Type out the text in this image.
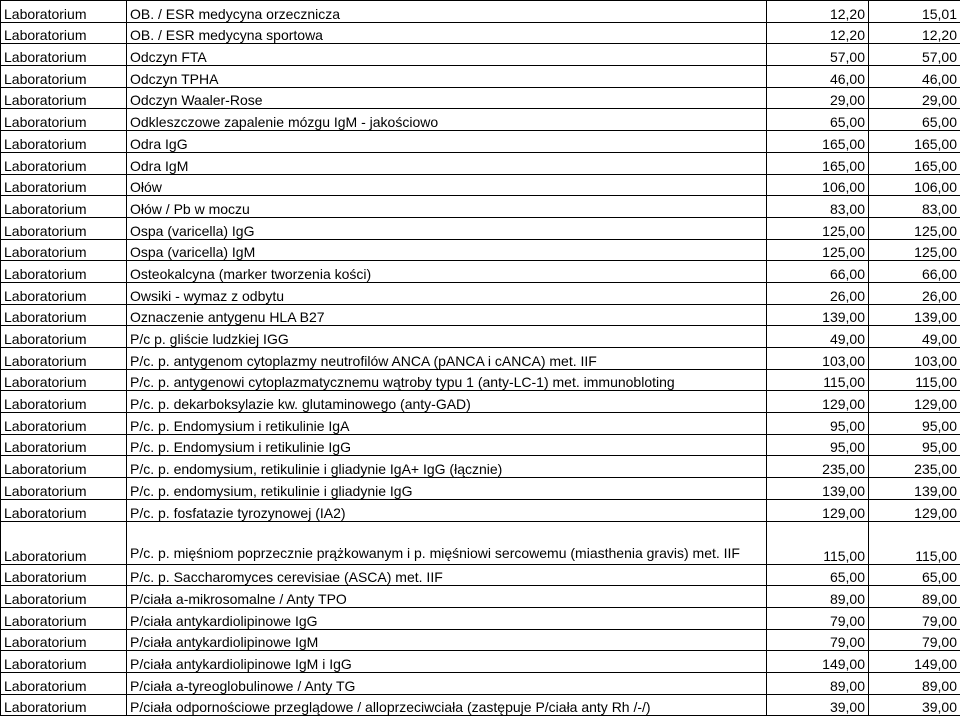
Laboratorium	OB. / ESR medycyna orzecznicza	12,20	15,01
Laboratorium	OB. / ESR medycyna sportowa	12,20	12,20
Laboratorium	Odczyn FTA	57,00	57,00
Laboratorium	Odczyn TPHA	46,00	46,00
Laboratorium	Odczyn Waaler-Rose	29,00	29,00
Laboratorium	Odkleszczowe zapalenie mózgu IgM - jakościowo	65,00	65,00
Laboratorium	Odra IgG	165,00	165,00
Laboratorium	Odra IgM	165,00	165,00
Laboratorium	Ołów	106,00	106,00
Laboratorium	Ołów / Pb w moczu	83,00	83,00
Laboratorium	Ospa (varicella) IgG	125,00	125,00
Laboratorium	Ospa (varicella) IgM	125,00	125,00
Laboratorium	Osteokalcyna (marker tworzenia kości)	66,00	66,00
Laboratorium	Owsiki - wymaz z odbytu	26,00	26,00
Laboratorium	Oznaczenie antygenu HLA B27	139,00	139,00
Laboratorium	P/c p. gliście ludzkiej IGG	49,00	49,00
Laboratorium	P/c. p. antygenom cytoplazmy neutrofilów ANCA (pANCA i cANCA) met. IIF	103,00	103,00
Laboratorium	P/c. p. antygenowi cytoplazmatycznemu wątroby typu 1 (anty-LC-1) met. immunobloting	115,00	115,00
Laboratorium	P/c. p. dekarboksylazie kw. glutaminowego (anty-GAD)	129,00	129,00
Laboratorium	P/c. p. Endomysium i retikulinie IgA	95,00	95,00
Laboratorium	P/c. p. Endomysium i retikulinie IgG	95,00	95,00
Laboratorium	P/c. p. endomysium, retikulinie i gliadynie IgA+ IgG (łącznie)	235,00	235,00
Laboratorium	P/c. p. endomysium, retikulinie i gliadynie IgG	139,00	139,00
Laboratorium	P/c. p. fosfatazie tyrozynowej (IA2)	129,00	129,00
Laboratorium	P/c. p. mięśniom poprzecznie prążkowanym i p. mięśniowi sercowemu (miasthenia gravis) met. IIF	115,00	115,00
Laboratorium	P/c. p. Saccharomyces cerevisiae (ASCA) met. IIF	65,00	65,00
Laboratorium	P/ciała a-mikrosomalne / Anty TPO	89,00	89,00
Laboratorium	P/ciała antykardiolipinowe IgG	79,00	79,00
Laboratorium	P/ciała antykardiolipinowe IgM	79,00	79,00
Laboratorium	P/ciała antykardiolipinowe IgM i IgG	149,00	149,00
Laboratorium	P/ciała a-tyreoglobulinowe / Anty TG	89,00	89,00
Laboratorium	P/ciała odpornościowe przeglądowe / alloprzeciwciała (zastępuje P/ciała anty Rh /-/)	39,00	39,00
